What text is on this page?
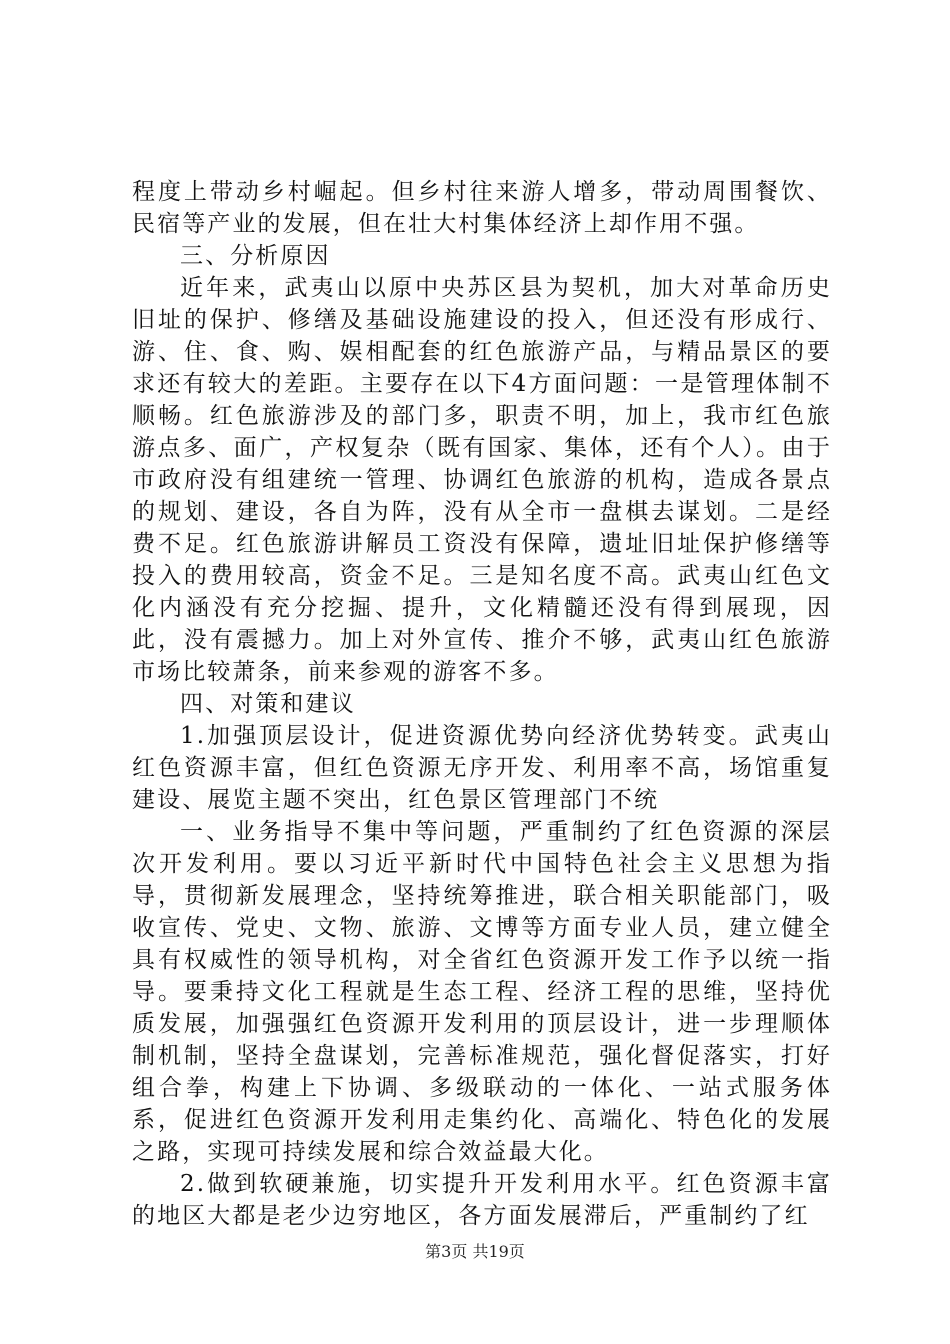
程度上带动乡村崛起。但乡村往来游人增多，带动周围餐饮、民宿等产业的发展，但在壮大村集体经济上却作用不强。

三、分析原因

近年来，武夷山以原中央苏区县为契机，加大对革命历史旧址的保护、修缮及基础设施建设的投入，但还没有形成行、游、住、食、购、娱相配套的红色旅游产品，与精品景区的要求还有较大的差距。主要存在以下4方面问题：一是管理体制不顺畅。红色旅游涉及的部门多，职责不明，加上，我市红色旅游点多、面广，产权复杂（既有国家、集体，还有个人）。由于市政府没有组建统一管理、协调红色旅游的机构，造成各景点的规划、建设，各自为阵，没有从全市一盘棋去谋划。二是经费不足。红色旅游讲解员工资没有保障，遗址旧址保护修缮等投入的费用较高，资金不足。三是知名度不高。武夷山红色文化内涵没有充分挖掘、提升，文化精髓还没有得到展现，因此，没有震撼力。加上对外宣传、推介不够，武夷山红色旅游市场比较萧条，前来参观的游客不多。

四、对策和建议

1.加强顶层设计，促进资源优势向经济优势转变。武夷山红色资源丰富，但红色资源无序开发、利用率不高，场馆重复建设、展览主题不突出，红色景区管理部门不统

一、业务指导不集中等问题，严重制约了红色资源的深层次开发利用。要以习近平新时代中国特色社会主义思想为指导，贯彻新发展理念，坚持统筹推进，联合相关职能部门，吸收宣传、党史、文物、旅游、文博等方面专业人员，建立健全具有权威性的领导机构，对全省红色资源开发工作予以统一指导。要秉持文化工程就是生态工程、经济工程的思维，坚持优质发展，加强强红色资源开发利用的顶层设计，进一步理顺体制机制，坚持全盘谋划，完善标准规范，强化督促落实，打好组合拳，构建上下协调、多级联动的一体化、一站式服务体系，促进红色资源开发利用走集约化、高端化、特色化的发展之路，实现可持续发展和综合效益最大化。

2.做到软硬兼施，切实提升开发利用水平。红色资源丰富的地区大都是老少边穷地区，各方面发展滞后，严重制约了红

第3页 共19页
